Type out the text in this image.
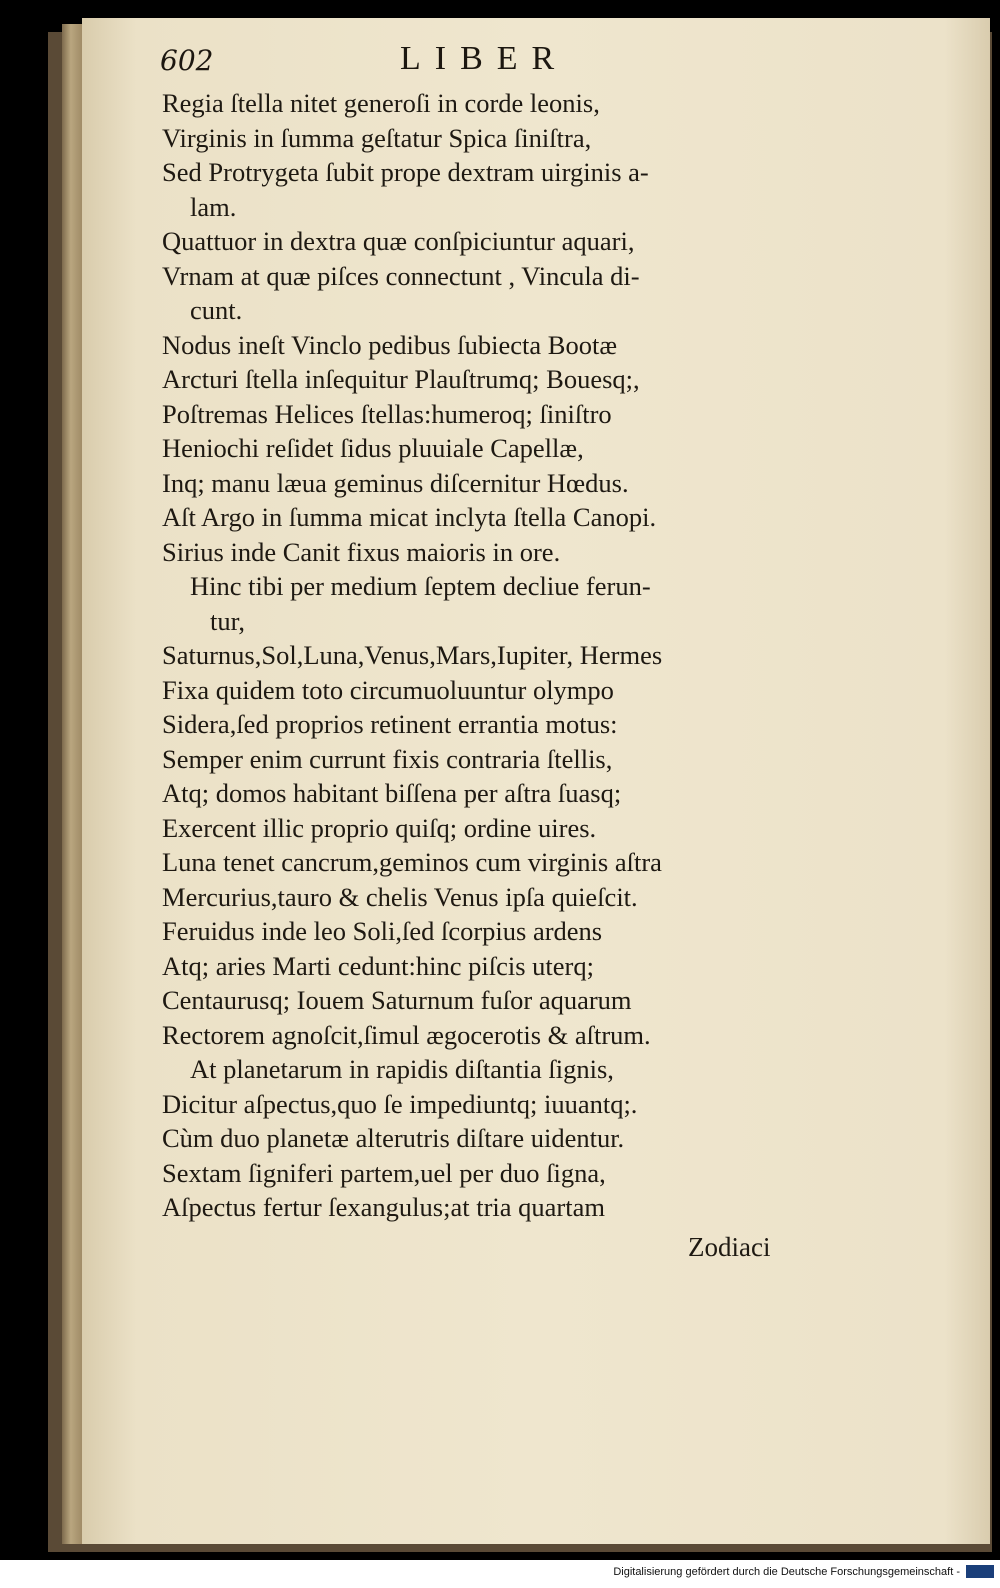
602	LIBER
Regia ſtella nitet generoſi in corde leonis,
Virginis in ſumma geſtatur Spica ſiniſtra,
Sed Protrygeta ſubit prope dextram uirginis a-
lam.
Quattuor in dextra quæ conſpiciuntur aquari,
Vrnam at quæ piſces connectunt , Vincula di-
cunt.
Nodus ineſt Vinclo pedibus ſubiecta Bootæ
Arcturi ſtella inſequitur Plauſtrumq; Bouesq;,
Poſtremas Helices ſtellas:humeroq; ſiniſtro
Heniochi reſidet ſidus pluuiale Capellæ,
Inq; manu læua geminus diſcernitur Hœdus.
Aſt Argo in ſumma micat inclyta ſtella Canopi.
Sirius inde Canit fixus maioris in ore.
Hinc tibi per medium ſeptem decliue ferun-
tur,
Saturnus,Sol,Luna,Venus,Mars,Iupiter, Hermes
Fixa quidem toto circumuoluuntur olympo
Sidera,ſed proprios retinent errantia motus:
Semper enim currunt fixis contraria ſtellis,
Atq; domos habitant biſſena per aſtra ſuasq;
Exercent illic proprio quiſq; ordine uires.
Luna tenet cancrum,geminos cum virginis aſtra
Mercurius,tauro & chelis Venus ipſa quieſcit.
Feruidus inde leo Soli,ſed ſcorpius ardens
Atq; aries Marti cedunt:hinc piſcis uterq;
Centaurusq; Iouem Saturnum fuſor aquarum
Rectorem agnoſcit,ſimul ægocerotis & aſtrum.
At planetarum in rapidis diſtantia ſignis,
Dicitur aſpectus,quo ſe impediuntq; iuuantq;.
Cùm duo planetæ alterutris diſtare uidentur.
Sextam ſigniferi partem,uel per duo ſigna,
Aſpectus fertur ſexangulus;at tria quartam
Zodiaci
Digitalisierung gefördert durch die Deutsche Forschungsgemeinschaft -
